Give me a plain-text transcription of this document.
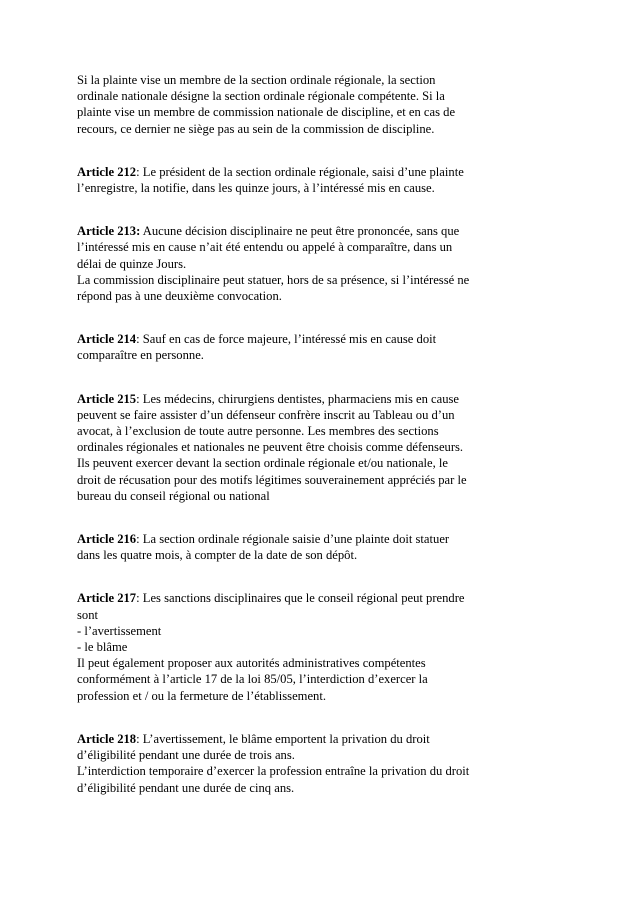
Si la plainte vise un membre de la section ordinale régionale, la section
ordinale nationale désigne la section ordinale régionale compétente. Si la
plainte vise un membre de commission nationale de discipline, et en cas de
recours, ce dernier ne siège pas au sein de la commission de discipline.

Article 212: Le président de la section ordinale régionale, saisi d’une plainte
l’enregistre, la notifie, dans les quinze jours, à l’intéressé mis en cause.

Article 213: Aucune décision disciplinaire ne peut être prononcée, sans que
l’intéressé mis en cause n’ait été entendu ou appelé à comparaître, dans un
délai de quinze Jours.
La commission disciplinaire peut statuer, hors de sa présence, si l’intéressé ne
répond pas à une deuxième convocation.

Article 214: Sauf en cas de force majeure, l’intéressé mis en cause doit
comparaître en personne.

Article 215: Les médecins, chirurgiens dentistes, pharmaciens mis en cause
peuvent se faire assister d’un défenseur confrère inscrit au Tableau ou d’un
avocat, à l’exclusion de toute autre personne. Les membres des sections
ordinales régionales et nationales ne peuvent être choisis comme défenseurs.
Ils peuvent exercer devant la section ordinale régionale et/ou nationale, le
droit de récusation pour des motifs légitimes souverainement appréciés par le
bureau du conseil régional ou national

Article 216: La section ordinale régionale saisie d’une plainte doit statuer
dans les quatre mois, à compter de la date de son dépôt.

Article 217: Les sanctions disciplinaires que le conseil régional peut prendre
sont
- l’avertissement
- le blâme
Il peut également proposer aux autorités administratives compétentes
conformément à l’article 17 de la loi 85/05, l’interdiction d’exercer la
profession et / ou la fermeture de l’établissement.

Article 218: L’avertissement, le blâme emportent la privation du droit
d’éligibilité pendant une durée de trois ans.
L’interdiction temporaire d’exercer la profession entraîne la privation du droit
d’éligibilité pendant une durée de cinq ans.
